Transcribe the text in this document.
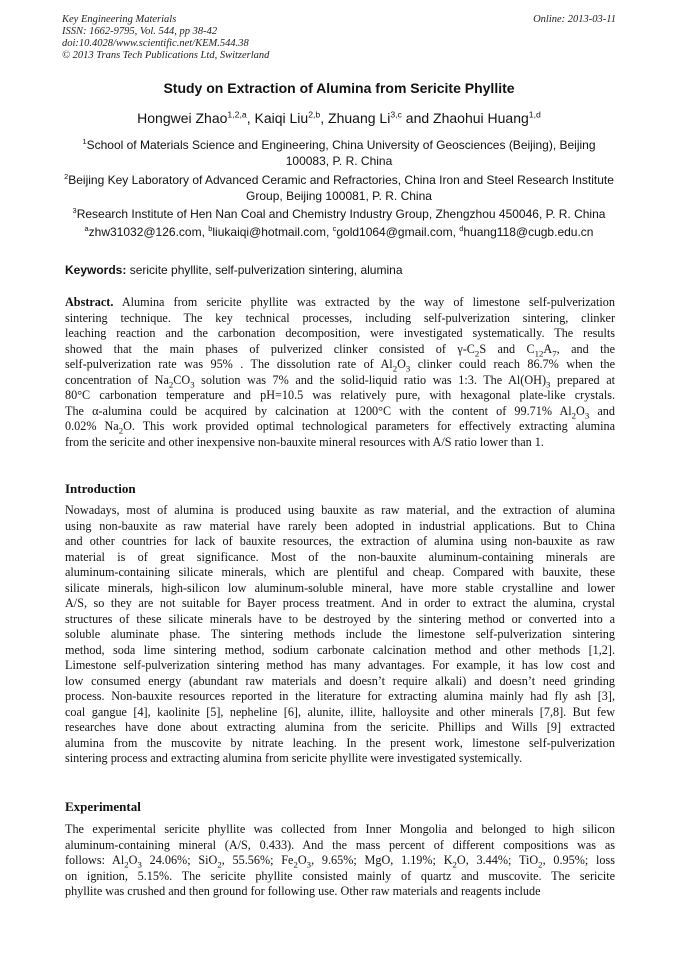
Key Engineering Materials
ISSN: 1662-9795, Vol. 544, pp 38-42
doi:10.4028/www.scientific.net/KEM.544.38
© 2013 Trans Tech Publications Ltd, Switzerland
Online: 2013-03-11
Study on Extraction of Alumina from Sericite Phyllite
Hongwei Zhao$^{1,2,a}$, Kaiqi Liu$^{2,b}$, Zhuang Li$^{3,c}$ and Zhaohui Huang$^{1,d}$
$^1$School of Materials Science and Engineering, China University of Geosciences (Beijing), Beijing 100083, P. R. China
$^2$Beijing Key Laboratory of Advanced Ceramic and Refractories, China Iron and Steel Research Institute Group, Beijing 100081, P. R. China
$^3$Research Institute of Hen Nan Coal and Chemistry Industry Group, Zhengzhou 450046, P. R. China
$^a$zhw31032@126.com, $^b$liukaiqi@hotmail.com, $^c$gold1064@gmail.com, $^d$huang118@cugb.edu.cn
Keywords: sericite phyllite, self-pulverization sintering, alumina
Abstract. Alumina from sericite phyllite was extracted by the way of limestone self-pulverization
sintering technique. The key technical processes, including self-pulverization sintering, clinker
leaching reaction and the carbonation decomposition, were investigated systematically. The results
showed that the main phases of pulverized clinker consisted of $\gamma-C_2S$ and $C_{12}A_7$, and the
self-pulverization rate was 95% . The dissolution rate of $Al_2O_3$ clinker could reach 86.7% when the
concentration of $Na_2CO_3$ solution was 7% and the solid-liquid ratio was 1:3. The $Al(OH)_3$ prepared at
80°C carbonation temperature and pH=10.5 was relatively pure, with hexagonal plate-like crystals.
The α-alumina could be acquired by calcination at 1200°C with the content of 99.71% $Al_2O_3$ and
0.02% $Na_2O$. This work provided optimal technological parameters for effectively extracting alumina
from the sericite and other inexpensive non-bauxite mineral resources with A/S ratio lower than 1.
Introduction
Nowadays, most of alumina is produced using bauxite as raw material, and the extraction of alumina
using non-bauxite as raw material have rarely been adopted in industrial applications. But to China
and other countries for lack of bauxite resources, the extraction of alumina using non-bauxite as raw
material is of great significance. Most of the non-bauxite aluminum-containing minerals are
aluminum-containing silicate minerals, which are plentiful and cheap. Compared with bauxite, these
silicate minerals, high-silicon low aluminum-soluble mineral, have more stable crystalline and lower
A/S, so they are not suitable for Bayer process treatment. And in order to extract the alumina, crystal
structures of these silicate minerals have to be destroyed by the sintering method or converted into a
soluble aluminate phase. The sintering methods include the limestone self-pulverization sintering
method, soda lime sintering method, sodium carbonate calcination method and other methods [1,2].
Limestone self-pulverization sintering method has many advantages. For example, it has low cost and
low consumed energy (abundant raw materials and doesn’t require alkali) and doesn’t need grinding
process. Non-bauxite resources reported in the literature for extracting alumina mainly had fly ash [3],
coal gangue [4], kaolinite [5], nepheline [6], alunite, illite, halloysite and other minerals [7,8]. But few
researches have done about extracting alumina from the sericite. Phillips and Wills [9] extracted
alumina from the muscovite by nitrate leaching. In the present work, limestone self-pulverization
sintering process and extracting alumina from sericite phyllite were investigated systemically.
Experimental
The experimental sericite phyllite was collected from Inner Mongolia and belonged to high silicon
aluminum-containing mineral (A/S, 0.433). And the mass percent of different compositions was as
follows: $Al_2O_3$ 24.06%; SiO$_2$, 55.56%; $Fe_2O_3$, 9.65%; MgO, 1.19%; $K_2O$, 3.44%; TiO$_2$, 0.95%; loss
on ignition, 5.15%. The sericite phyllite consisted mainly of quartz and muscovite. The sericite
phyllite was crushed and then ground for following use. Other raw materials and reagents include
